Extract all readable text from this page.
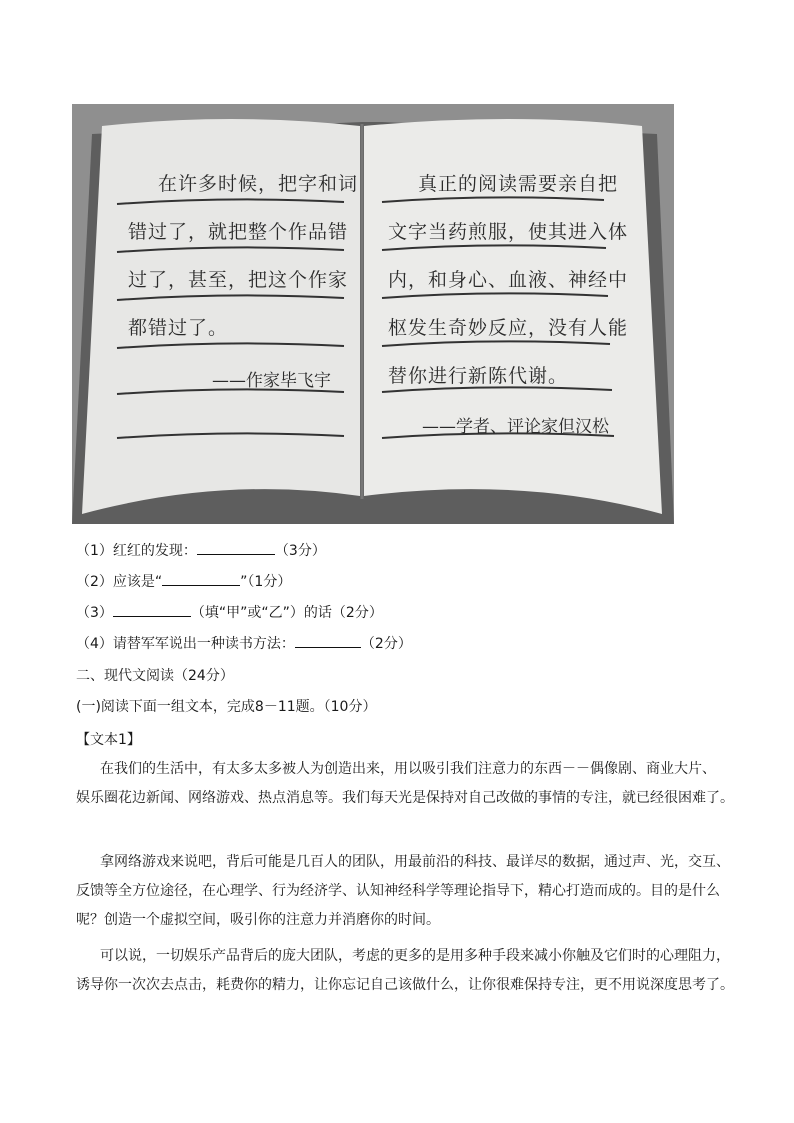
在许多时候，把字和词
错过了，就把整个作品错
过了，甚至，把这个作家
都错过了。
——作家毕飞宇
真正的阅读需要亲自把
文字当药煎服，使其进入体
内，和身心、血液、神经中
枢发生奇妙反应，没有人能
替你进行新陈代谢。
——学者、评论家但汉松
（1）红红的发现：	（3分）
（2）应该是“	”（1分）
（3）	（填“甲”或“乙”）的话（2分）
（4）请替军军说出一种读书方法：	（2分）
二、现代文阅读（24分）
(一)阅读下面一组文本，完成8－11题。（10分）
【文本1】
在我们的生活中，有太多太多被人为创造出来，用以吸引我们注意力的东西－－偶像剧、商业大片、
娱乐圈花边新闻、网络游戏、热点消息等。我们每天光是保持对自己改做的事情的专注，就已经很困难了。
拿网络游戏来说吧，背后可能是几百人的团队，用最前沿的科技、最详尽的数据，通过声、光，交互、
反馈等全方位途径，在心理学、行为经济学、认知神经科学等理论指导下，精心打造而成的。目的是什么
呢？创造一个虚拟空间，吸引你的注意力并消磨你的时间。
可以说，一切娱乐产品背后的庞大团队，考虑的更多的是用多种手段来减小你触及它们时的心理阻力，
诱导你一次次去点击，耗费你的精力，让你忘记自己该做什么，让你很难保持专注，更不用说深度思考了。
